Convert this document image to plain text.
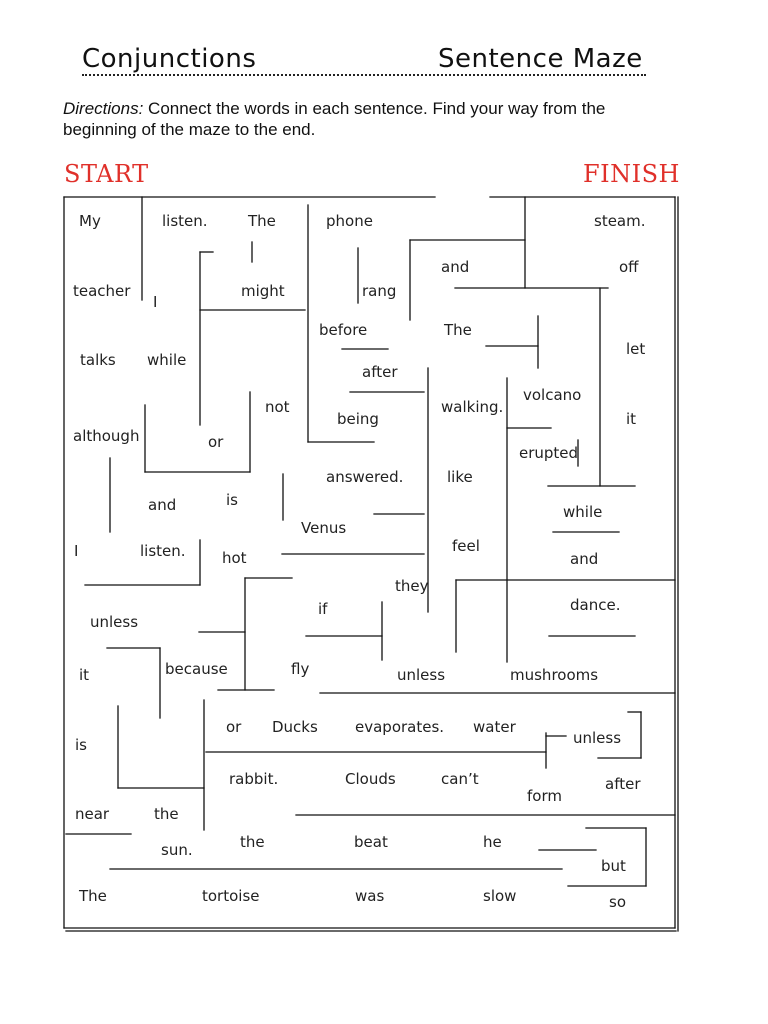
Conjunctions	Sentence Maze
Directions: Connect the words in each sentence. Find your way from the beginning of the maze to the end.
START	FINISH
My	listen.	The	phone	steam.
and	off
teacher
I
might	rang
before	The
let
talks while
after
not
being
walking.
volcano
it
although	or
erupted
answered.	like
and	is
while
Venus
feel
I	listen. hot	and
they
if	dance.
unless
it	because	fly	unless	mushrooms
or Ducks evaporates. water
unless
is
rabbit.	Clouds	can’t	after
form
near	the
sun.	the	beat	he
but
The	tortoise	was	slow	so
